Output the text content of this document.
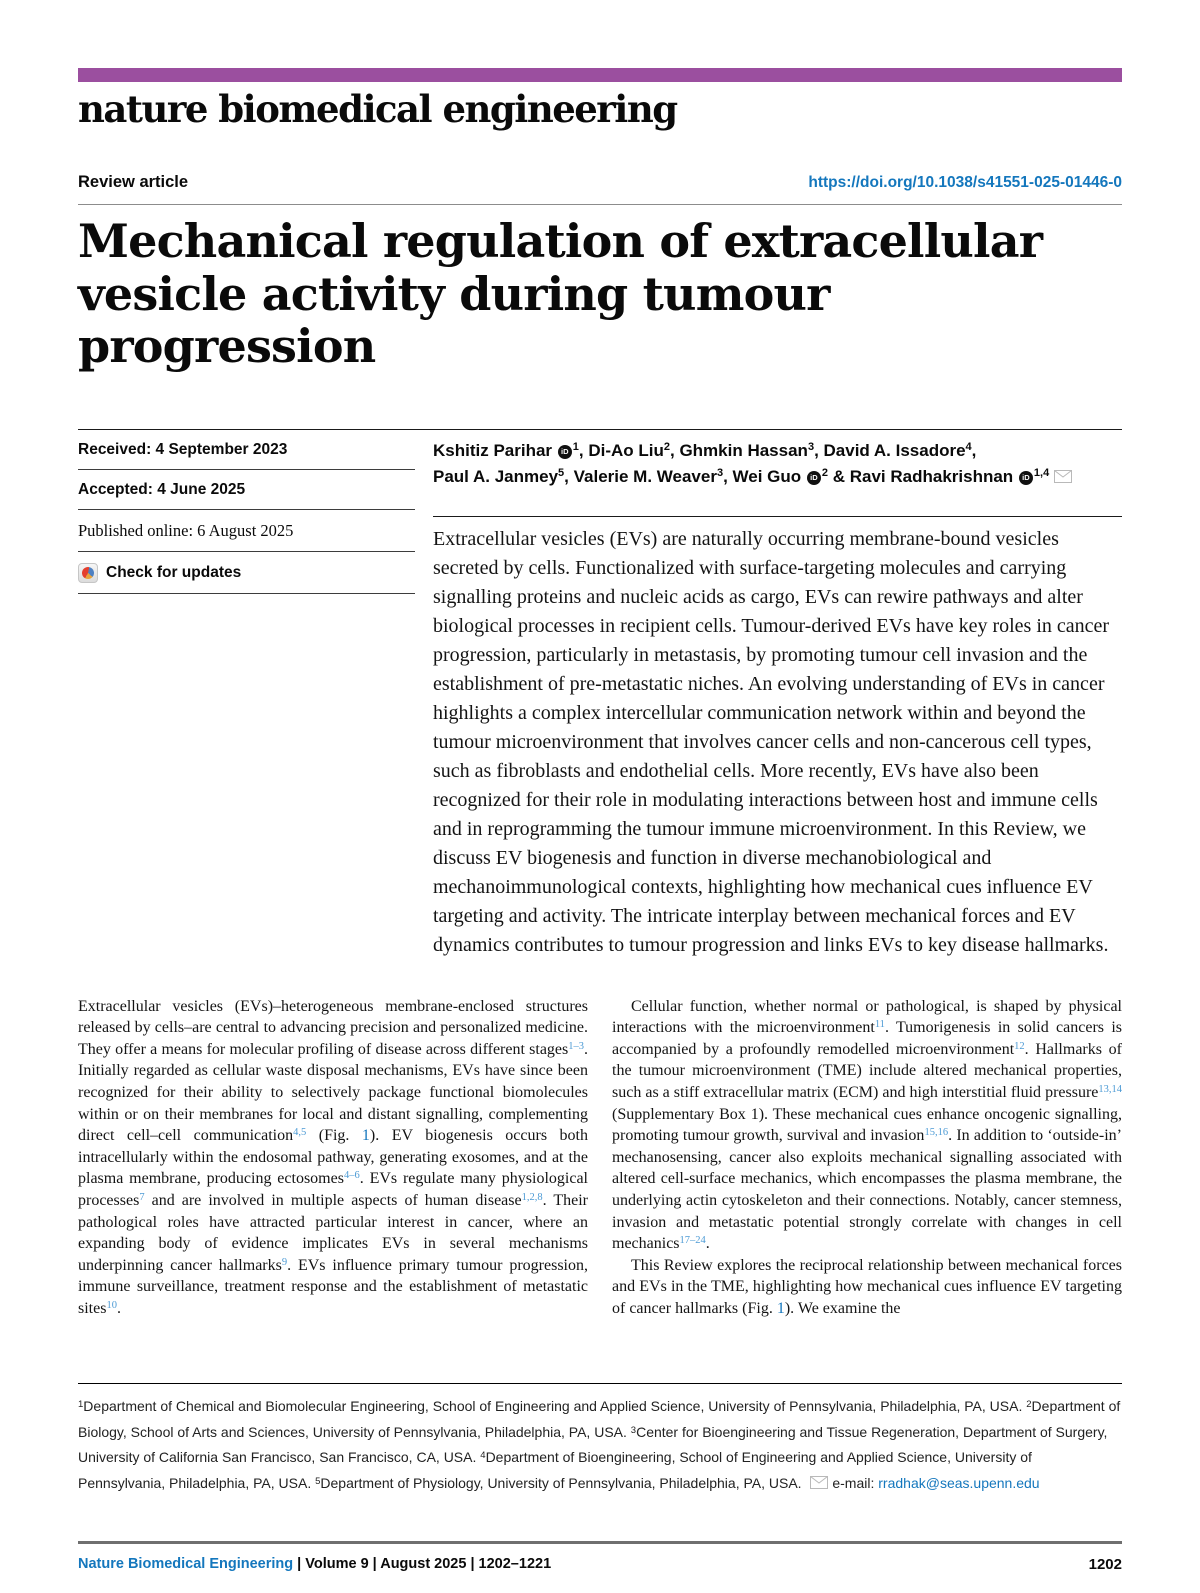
nature biomedical engineering
Review article	https://doi.org/10.1038/s41551-025-01446-0
Mechanical regulation of extracellular vesicle activity during tumour progression
Received: 4 September 2023
Accepted: 4 June 2025
Published online: 6 August 2025
Check for updates
Kshitiz Parihar iD $^1$, Di-Ao Liu$^2$, Ghmkin Hassan$^3$, David A. Issadore$^4$,
Paul A. Janmey$^5$, Valerie M. Weaver$^3$, Wei Guo iD $^2$ & Ravi Radhakrishnan iD $^{1,4}$

Extracellular vesicles (EVs) are naturally occurring membrane-bound vesicles secreted by cells. Functionalized with surface-targeting molecules and carrying signalling proteins and nucleic acids as cargo, EVs can rewire pathways and alter biological processes in recipient cells. Tumour-derived EVs have key roles in cancer progression, particularly in metastasis, by promoting tumour cell invasion and the establishment of pre-metastatic niches. An evolving understanding of EVs in cancer highlights a complex intercellular communication network within and beyond the tumour microenvironment that involves cancer cells and non-cancerous cell types, such as fibroblasts and endothelial cells. More recently, EVs have also been recognized for their role in modulating interactions between host and immune cells and in reprogramming the tumour immune microenvironment. In this Review, we discuss EV biogenesis and function in diverse mechanobiological and mechanoimmunological contexts, highlighting how mechanical cues influence EV targeting and activity. The intricate interplay between mechanical forces and EV dynamics contributes to tumour progression and links EVs to key disease hallmarks.

Extracellular vesicles (EVs)–heterogeneous membrane-enclosed structures released by cells–are central to advancing precision and personalized medicine. They offer a means for molecular profiling of disease across different stages$^{1-3}$. Initially regarded as cellular waste disposal mechanisms, EVs have since been recognized for their ability to selectively package functional biomolecules within or on their membranes for local and distant signalling, complementing direct cell–cell communication$^{4,5}$ (Fig. 1). EV biogenesis occurs both intracellularly within the endosomal pathway, generating exosomes, and at the plasma membrane, producing ectosomes$^{4-6}$. EVs regulate many physiological processes$^7$ and are involved in multiple aspects of human disease$^{1,2,8}$. Their pathological roles have attracted particular interest in cancer, where an expanding body of evidence implicates EVs in several mechanisms underpinning cancer hallmarks$^9$. EVs influence primary tumour progression, immune surveillance, treatment response and the establishment of metastatic sites$^{10}$.

Cellular function, whether normal or pathological, is shaped by physical interactions with the microenvironment$^{11}$. Tumorigenesis in solid cancers is accompanied by a profoundly remodelled microenvironment$^{12}$. Hallmarks of the tumour microenvironment (TME) include altered mechanical properties, such as a stiff extracellular matrix (ECM) and high interstitial fluid pressure$^{13,14}$ (Supplementary Box 1). These mechanical cues enhance oncogenic signalling, promoting tumour growth, survival and invasion$^{15,16}$. In addition to ‘outside-in’ mechanosensing, cancer also exploits mechanical signalling associated with altered cell-surface mechanics, which encompasses the plasma membrane, the underlying actin cytoskeleton and their connections. Notably, cancer stemness, invasion and metastatic potential strongly correlate with changes in cell mechanics$^{17-24}$.

This Review explores the reciprocal relationship between mechanical forces and EVs in the TME, highlighting how mechanical cues influence EV targeting of cancer hallmarks (Fig. 1). We examine the

$^1$Department of Chemical and Biomolecular Engineering, School of Engineering and Applied Science, University of Pennsylvania, Philadelphia, PA, USA. $^2$Department of Biology, School of Arts and Sciences, University of Pennsylvania, Philadelphia, PA, USA. $^3$Center for Bioengineering and Tissue Regeneration, Department of Surgery, University of California San Francisco, San Francisco, CA, USA. $^4$Department of Bioengineering, School of Engineering and Applied Science, University of Pennsylvania, Philadelphia, PA, USA. $^5$Department of Physiology, University of Pennsylvania, Philadelphia, PA, USA.  e-mail: rradhak@seas.upenn.edu

Nature Biomedical Engineering | Volume 9 | August 2025 | 1202–1221	1202
